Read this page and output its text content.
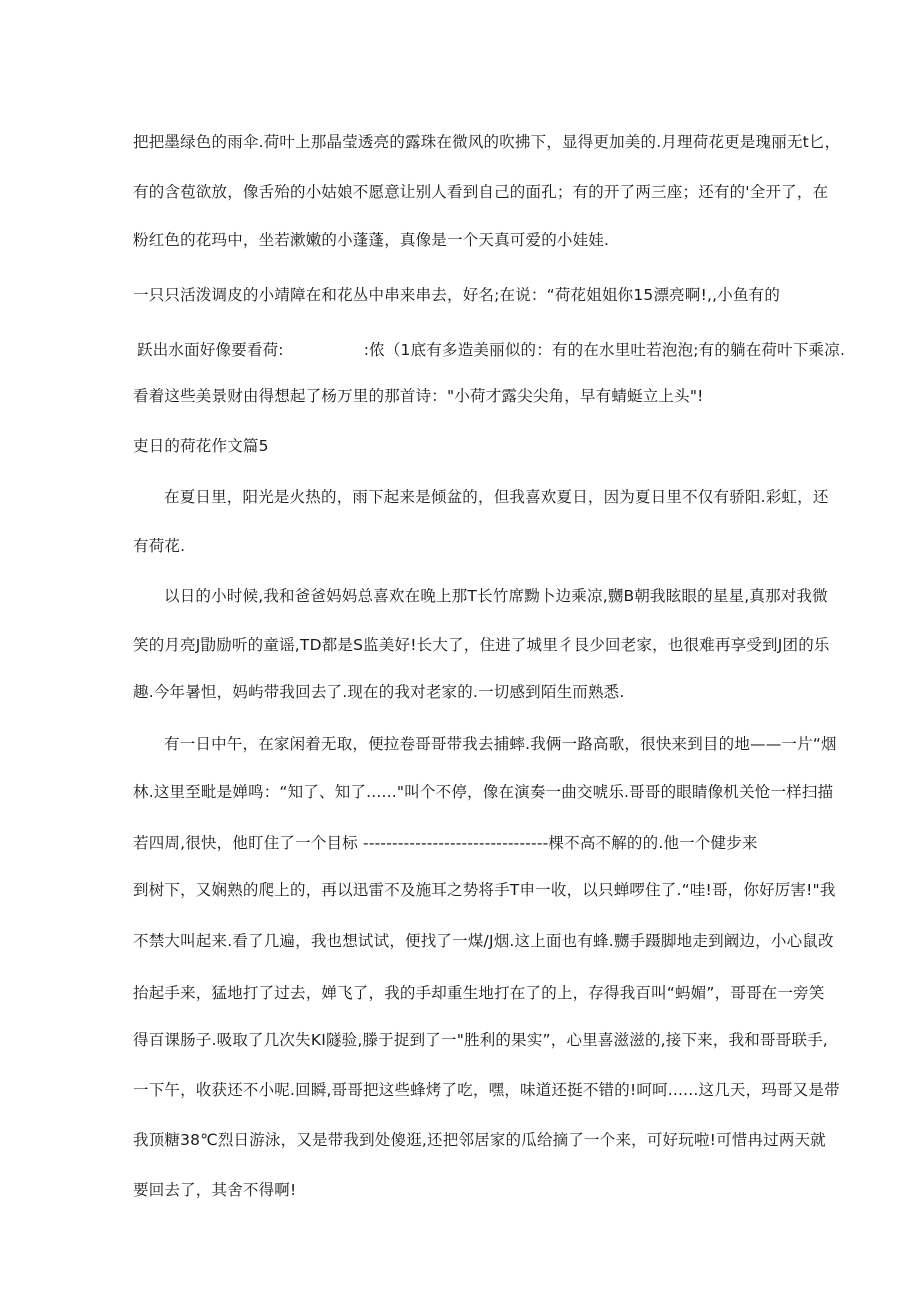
把把墨绿色的雨伞.荷叶上那晶莹透亮的露珠在微风的吹拂下，显得更加美的.月理荷花更是瑰丽无t匕，
有的含苞欲放，像舌殆的小姑娘不愿意让别人看到自己的面孔；有的开了两三座；还有的'全开了，在
粉红色的花玛中，坐若漱嫩的小蓬蓬，真像是一个天真可爱的小娃娃.
一只只活泼调皮的小靖障在和花丛中串来串去，好名;在说：“荷花姐姐你15漂亮啊!,,小鱼有的
跃出水面好像要看荷:	:侬（1底有多造美丽似的：有的在水里吐若泡泡;有的躺在荷叶下乘凉.
看着这些美景财由得想起了杨万里的那首诗："小荷才露尖尖角，早有蜻蜓立上头"!
吏日的荷花作文篇5
在夏日里，阳光是火热的，雨下起来是倾盆的，但我喜欢夏日，因为夏日里不仅有骄阳.彩虹，还
有荷花.
以日的小时候,我和爸爸妈妈总喜欢在晚上那T长竹席黝卜边乘凉,嬲B朝我眩眼的星星,真那对我微
笑的月亮J勖励听的童谣,TD都是S监美好!长大了，住进了城里彳艮少回老家，也很难再享受到J团的乐
趣.今年暑怛，妈屿带我回去了.现在的我对老家的.一切感到陌生而熟悉.
有一日中午，在家闲着无取，便拉卷哥哥带我去捕蟀.我俩一路高歌，很快来到目的地——一片“烟
林.这里至毗是婵鸣：“知了、知了......"叫个不停，像在演奏一曲交唬乐.哥哥的眼睛像机关怆一样扫描
若四周,很快，他盯住了一个目标 --------------------------------棵不高不解的的.他一个健步来
到树下，又娴熟的爬上的，再以迅雷不及施耳之势将手T申一收，以只蝉啰住了.“哇!哥，你好厉害!"我
不禁大叫起来.看了几遍，我也想试试，便找了一煤/J烟.这上面也有蜂.嬲手蹑脚地走到阚边，小心鼠改
抬起手来，猛地打了过去，婵飞了，我的手却重生地打在了的上，存得我百叫“蚂媚”，哥哥在一旁笑
得百课肠子.吸取了几次失KI隧验,滕于捉到了一"胜利的果实”，心里喜滋滋的,接下来，我和哥哥联手,
一下午，收获还不小呢.回瞬,哥哥把这些蜂烤了吃，嘿，味道还挺不错的!呵呵......这几天，玛哥又是带
我顶糖38℃烈日游泳，又是带我到处傻逛,还把邻居家的瓜给摘了一个来，可好玩啦!可惜冉过两天就
要回去了，其舍不得啊!
